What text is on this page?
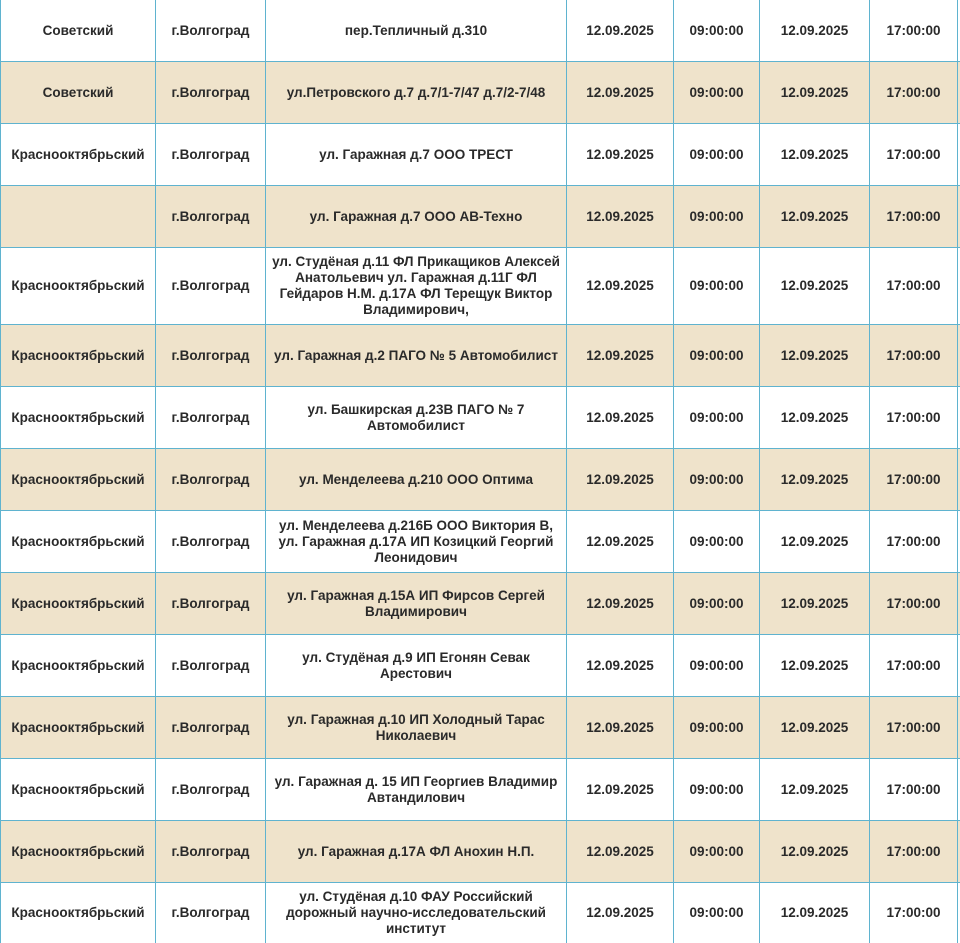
Советский	г.Волгоград	пер.Тепличный д.310	12.09.2025	09:00:00	12.09.2025	17:00:00	
Советский	г.Волгоград	ул.Петровского д.7 д.7/1-7/47 д.7/2-7/48	12.09.2025	09:00:00	12.09.2025	17:00:00	
Краснооктябрьский	г.Волгоград	ул. Гаражная д.7 ООО ТРЕСТ	12.09.2025	09:00:00	12.09.2025	17:00:00	
	г.Волгоград	ул. Гаражная д.7 ООО АВ-Техно	12.09.2025	09:00:00	12.09.2025	17:00:00	
Краснооктябрьский	г.Волгоград	ул. Студёная д.11 ФЛ Прикащиков Алексей Анатольевич ул. Гаражная д.11Г ФЛ Гейдаров Н.М. д.17А ФЛ Терещук Виктор Владимирович,	12.09.2025	09:00:00	12.09.2025	17:00:00	
Краснооктябрьский	г.Волгоград	ул. Гаражная д.2 ПАГО № 5 Автомобилист	12.09.2025	09:00:00	12.09.2025	17:00:00	
Краснооктябрьский	г.Волгоград	ул. Башкирская д.23В ПАГО № 7 Автомобилист	12.09.2025	09:00:00	12.09.2025	17:00:00	
Краснооктябрьский	г.Волгоград	ул. Менделеева д.210 ООО Оптима	12.09.2025	09:00:00	12.09.2025	17:00:00	
Краснооктябрьский	г.Волгоград	ул. Менделеева д.216Б ООО Виктория В, ул. Гаражная д.17А ИП Козицкий Георгий Леонидович	12.09.2025	09:00:00	12.09.2025	17:00:00	
Краснооктябрьский	г.Волгоград	ул. Гаражная д.15А ИП Фирсов Сергей Владимирович	12.09.2025	09:00:00	12.09.2025	17:00:00	
Краснооктябрьский	г.Волгоград	ул. Студёная д.9 ИП Егонян Севак Арестович	12.09.2025	09:00:00	12.09.2025	17:00:00	
Краснооктябрьский	г.Волгоград	ул. Гаражная д.10 ИП Холодный Тарас Николаевич	12.09.2025	09:00:00	12.09.2025	17:00:00	
Краснооктябрьский	г.Волгоград	ул. Гаражная д. 15 ИП Георгиев Владимир Автандилович	12.09.2025	09:00:00	12.09.2025	17:00:00	
Краснооктябрьский	г.Волгоград	ул. Гаражная д.17А ФЛ Анохин Н.П.	12.09.2025	09:00:00	12.09.2025	17:00:00	
Краснооктябрьский	г.Волгоград	ул. Студёная д.10 ФАУ Российский дорожный научно-исследовательский институт	12.09.2025	09:00:00	12.09.2025	17:00:00	
